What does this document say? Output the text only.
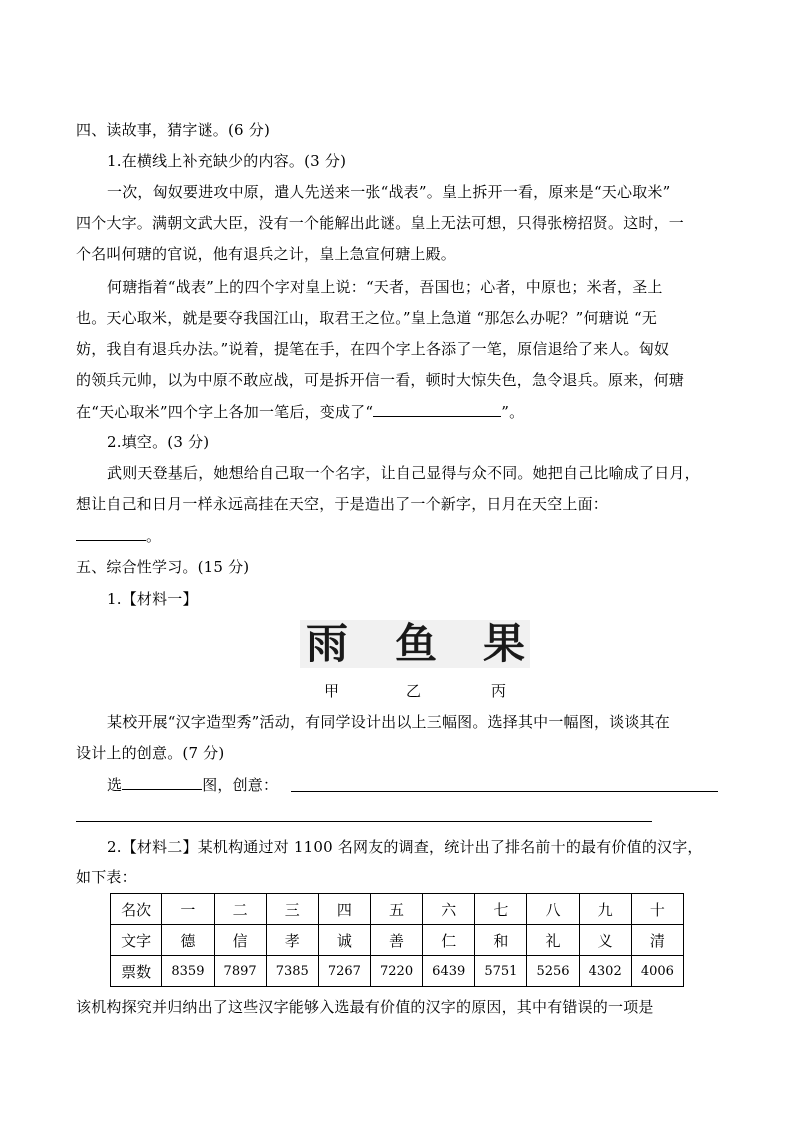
四、读故事，猜字谜。(6 分)
1.在横线上补充缺少的内容。(3 分)
一次，匈奴要进攻中原，遣人先送来一张“战表”。皇上拆开一看，原来是“天心取米”
四个大字。满朝文武大臣，没有一个能解出此谜。皇上无法可想，只得张榜招贤。这时，一
个名叫何瑭的官说，他有退兵之计，皇上急宣何瑭上殿。
何瑭指着“战表”上的四个字对皇上说：“天者，吾国也；心者，中原也；米者，圣上
也。天心取米，就是要夺我国江山，取君王之位。”皇上急道 “那怎么办呢？”何瑭说 “无
妨，我自有退兵办法。”说着，提笔在手，在四个字上各添了一笔，原信退给了来人。匈奴
的领兵元帅，以为中原不敢应战，可是拆开信一看，顿时大惊失色，急令退兵。原来，何瑭
在“天心取米”四个字上各加一笔后，变成了“	”。
2.填空。(3 分)
武则天登基后，她想给自己取一个名字，让自己显得与众不同。她把自己比喻成了日月，
想让自己和日月一样永远高挂在天空，于是造出了一个新字，日月在天空上面：
。
五、综合性学习。(15 分)
1.【材料一】
雨 鱼 果
甲	乙	丙
某校开展“汉字造型秀”活动，有同学设计出以上三幅图。选择其中一幅图，谈谈其在
设计上的创意。(7 分)
选	图，创意：
2.【材料二】某机构通过对 1100 名网友的调查，统计出了排名前十的最有价值的汉字，
如下表：
名次	一	二	三	四	五	六	七	八	九	十
文字	德	信	孝	诚	善	仁	和	礼	义	清
票数	8359	7897	7385	7267	7220	6439	5751	5256	4302	4006
该机构探究并归纳出了这些汉字能够入选最有价值的汉字的原因，其中有错误的一项是
